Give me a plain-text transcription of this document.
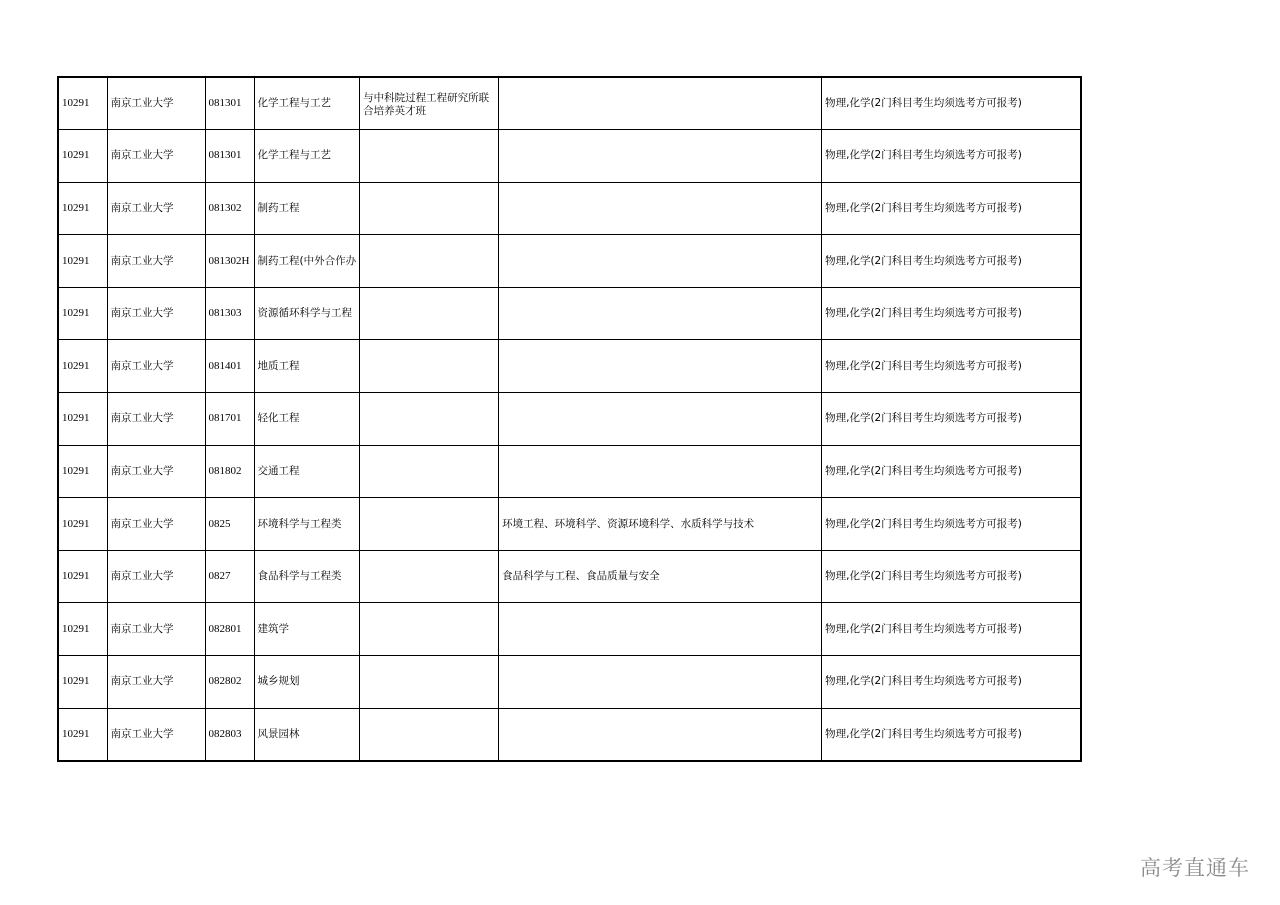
10291	南京工业大学	081301	化学工程与工艺	与中科院过程工程研究所联合培养英才班		物理,化学(2门科目考生均须选考方可报考)
10291	南京工业大学	081301	化学工程与工艺			物理,化学(2门科目考生均须选考方可报考)
10291	南京工业大学	081302	制药工程			物理,化学(2门科目考生均须选考方可报考)
10291	南京工业大学	081302H	制药工程(中外合作办			物理,化学(2门科目考生均须选考方可报考)
10291	南京工业大学	081303	资源循环科学与工程			物理,化学(2门科目考生均须选考方可报考)
10291	南京工业大学	081401	地质工程			物理,化学(2门科目考生均须选考方可报考)
10291	南京工业大学	081701	轻化工程			物理,化学(2门科目考生均须选考方可报考)
10291	南京工业大学	081802	交通工程			物理,化学(2门科目考生均须选考方可报考)
10291	南京工业大学	0825	环境科学与工程类		环境工程、环境科学、资源环境科学、水质科学与技术	物理,化学(2门科目考生均须选考方可报考)
10291	南京工业大学	0827	食品科学与工程类		食品科学与工程、食品质量与安全	物理,化学(2门科目考生均须选考方可报考)
10291	南京工业大学	082801	建筑学			物理,化学(2门科目考生均须选考方可报考)
10291	南京工业大学	082802	城乡规划			物理,化学(2门科目考生均须选考方可报考)
10291	南京工业大学	082803	风景园林			物理,化学(2门科目考生均须选考方可报考)
高考直通车
